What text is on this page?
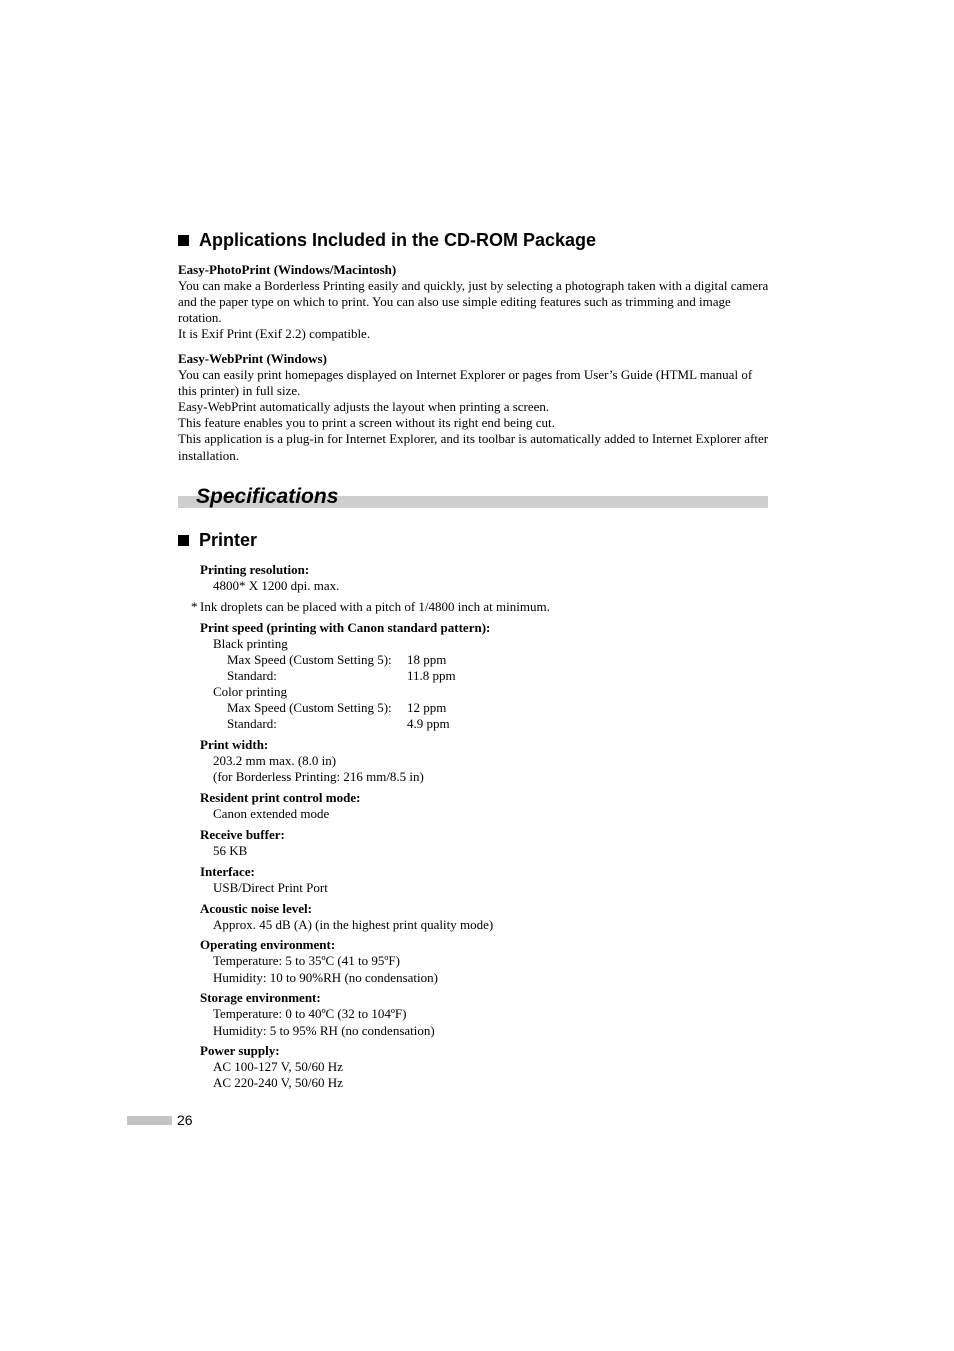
Applications Included in the CD-ROM Package

Easy-PhotoPrint (Windows/Macintosh)

You can make a Borderless Printing easily and quickly, just by selecting a photograph taken with a digital camera and the paper type on which to print. You can also use simple editing features such as trimming and image rotation.

It is Exif Print (Exif 2.2) compatible.

Easy-WebPrint (Windows)

You can easily print homepages displayed on Internet Explorer or pages from User’s Guide (HTML manual of this printer) in full size.

Easy-WebPrint automatically adjusts the layout when printing a screen.

This feature enables you to print a screen without its right end being cut.

This application is a plug-in for Internet Explorer, and its toolbar is automatically added to Internet Explorer after installation.

Specifications
Printer
Printing resolution:
4800* X 1200 dpi. max.
* Ink droplets can be placed with a pitch of 1/4800 inch at minimum.
Print speed (printing with Canon standard pattern):
Black printing
Max Speed (Custom Setting 5): 18 ppm
Standard:	11.8 ppm
Color printing
Max Speed (Custom Setting 5): 12 ppm
Standard:	4.9 ppm
Print width:
203.2 mm max. (8.0 in)
(for Borderless Printing: 216 mm/8.5 in)
Resident print control mode:
Canon extended mode
Receive buffer:
56 KB
Interface:
USB/Direct Print Port
Acoustic noise level:
Approx. 45 dB (A) (in the highest print quality mode)
Operating environment:
Temperature: 5 to 35ºC (41 to 95ºF)
Humidity: 10 to 90%RH (no condensation)
Storage environment:
Temperature: 0 to 40ºC (32 to 104ºF)
Humidity: 5 to 95% RH (no condensation)
Power supply:
AC 100-127 V, 50/60 Hz
AC 220-240 V, 50/60 Hz
26
